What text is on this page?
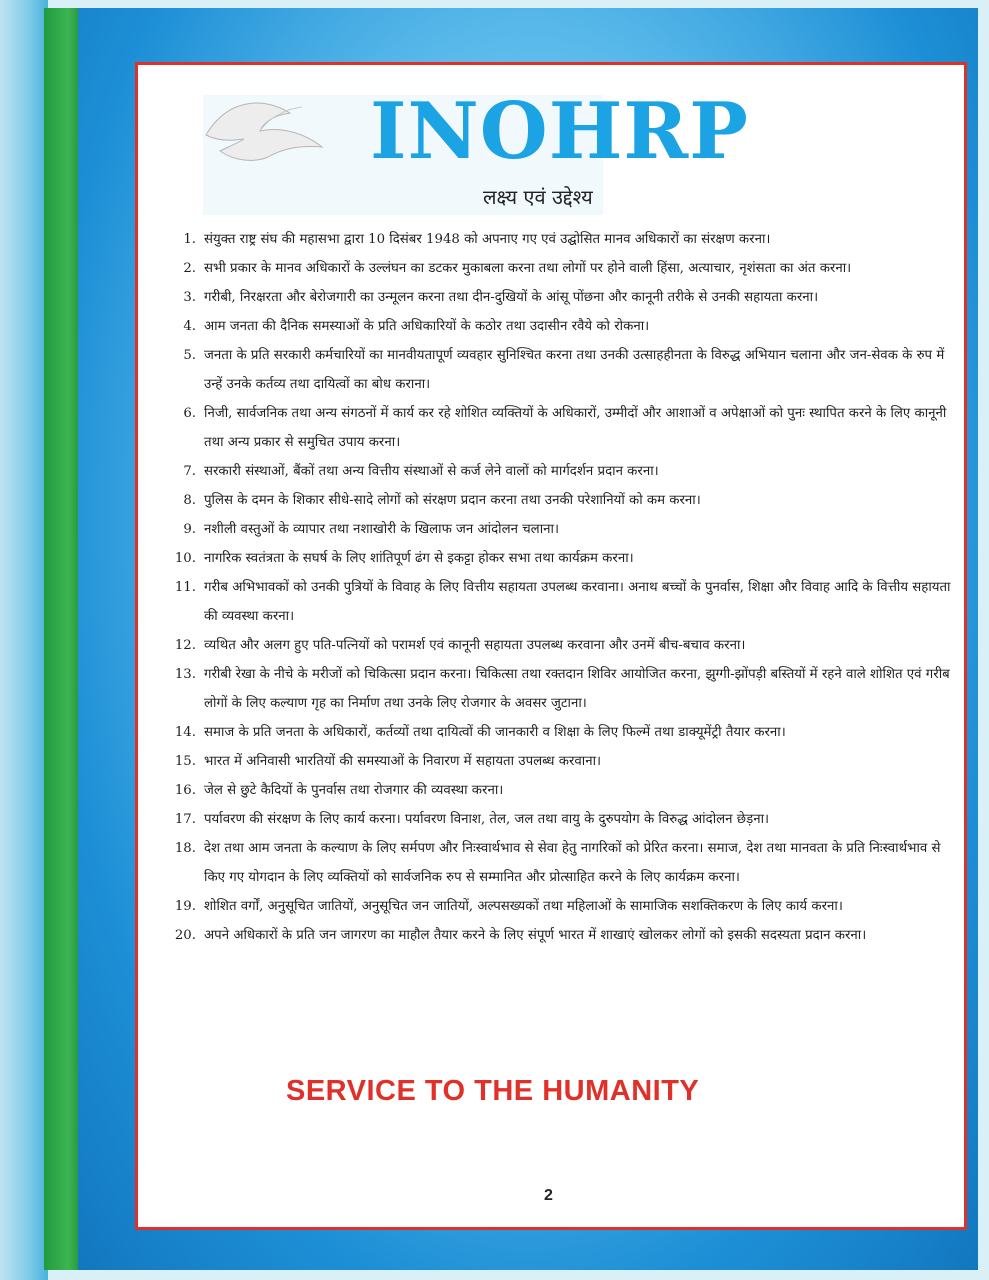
INOHRP
लक्ष्य एवं उद्देश्य
1. संयुक्त राष्ट्र संघ की महासभा द्वारा 10 दिसंबर 1948 को अपनाए गए एवं उद्घोसित मानव अधिकारों का संरक्षण करना।
2. सभी प्रकार के मानव अधिकारों के उल्लंघन का डटकर मुकाबला करना तथा लोगों पर होने वाली हिंसा, अत्याचार, नृशंसता का अंत करना।
3. गरीबी, निरक्षरता और बेरोजगारी का उन्मूलन करना तथा दीन-दुखियों के आंसू पोंछना और कानूनी तरीके से उनकी सहायता करना।
4. आम जनता की दैनिक समस्याओं के प्रति अधिकारियों के कठोर तथा उदासीन रवैये को रोकना।
5. जनता के प्रति सरकारी कर्मचारियों का मानवीयतापूर्ण व्यवहार सुनिश्चित करना तथा उनकी उत्साहहीनता के विरुद्ध अभियान चलाना और जन-सेवक के रुप में उन्हें उनके कर्तव्य तथा दायित्वों का बोध कराना।
6. निजी, सार्वजनिक तथा अन्य संगठनों में कार्य कर रहे शोशित व्यक्तियों के अधिकारों, उम्मीदों और आशाओं व अपेक्षाओं को पुनः स्थापित करने के लिए कानूनी तथा अन्य प्रकार से समुचित उपाय करना।
7. सरकारी संस्थाओं, बैंकों तथा अन्य वित्तीय संस्थाओं से कर्ज लेने वालों को मार्गदर्शन प्रदान करना।
8. पुलिस के दमन के शिकार सीधे-सादे लोगों को संरक्षण प्रदान करना तथा उनकी परेशानियों को कम करना।
9. नशीली वस्तुओं के व्यापार तथा नशाखोरी के खिलाफ जन आंदोलन चलाना।
10. नागरिक स्वतंत्रता के सघर्ष के लिए शांतिपूर्ण ढंग से इकट्टा होकर सभा तथा कार्यक्रम करना।
11. गरीब अभिभावकों को उनकी पुत्रियों के विवाह के लिए वित्तीय सहायता उपलब्ध करवाना। अनाथ बच्चों के पुनर्वास, शिक्षा और विवाह आदि के वित्तीय सहायता की व्यवस्था करना।
12. व्यथित और अलग हुए पति-पत्नियों को परामर्श एवं कानूनी सहायता उपलब्ध करवाना और उनमें बीच-बचाव करना।
13. गरीबी रेखा के नीचे के मरीजों को चिकित्सा प्रदान करना। चिकित्सा तथा रक्तदान शिविर आयोजित करना, झुग्गी-झोंपड़ी बस्तियों में रहने वाले शोशित एवं गरीब लोगों के लिए कल्याण गृह का निर्माण तथा उनके लिए रोजगार के अवसर जुटाना।
14. समाज के प्रति जनता के अधिकारों, कर्तव्यों तथा दायित्वों की जानकारी व शिक्षा के लिए फिल्में तथा डाक्यूमेंट्री तैयार करना।
15. भारत में अनिवासी भारतियों की समस्याओं के निवारण में सहायता उपलब्ध करवाना।
16. जेल से छुटे कैदियों के पुनर्वास तथा रोजगार की व्यवस्था करना।
17. पर्यावरण की संरक्षण के लिए कार्य करना। पर्यावरण विनाश, तेल, जल तथा वायु के दुरुपयोग के विरुद्ध आंदोलन छेड़ना।
18. देश तथा आम जनता के कल्याण के लिए सर्मपण और निःस्वार्थभाव से सेवा हेतु नागरिकों को प्रेरित करना। समाज, देश तथा मानवता के प्रति निःस्वार्थभाव से किए गए योगदान के लिए व्यक्तियों को सार्वजनिक रुप से सम्मानित और प्रोत्साहित करने के लिए कार्यक्रम करना।
19. शोशित वर्गों, अनुसूचित जातियों, अनुसूचित जन जातियों, अल्पसख्यकों तथा महिलाओं के सामाजिक सशक्तिकरण के लिए कार्य करना।
20. अपने अधिकारों के प्रति जन जागरण का माहौल तैयार करने के लिए संपूर्ण भारत में शाखाएं खोलकर लोगों को इसकी सदस्यता प्रदान करना।
SERVICE TO THE HUMANITY
2
